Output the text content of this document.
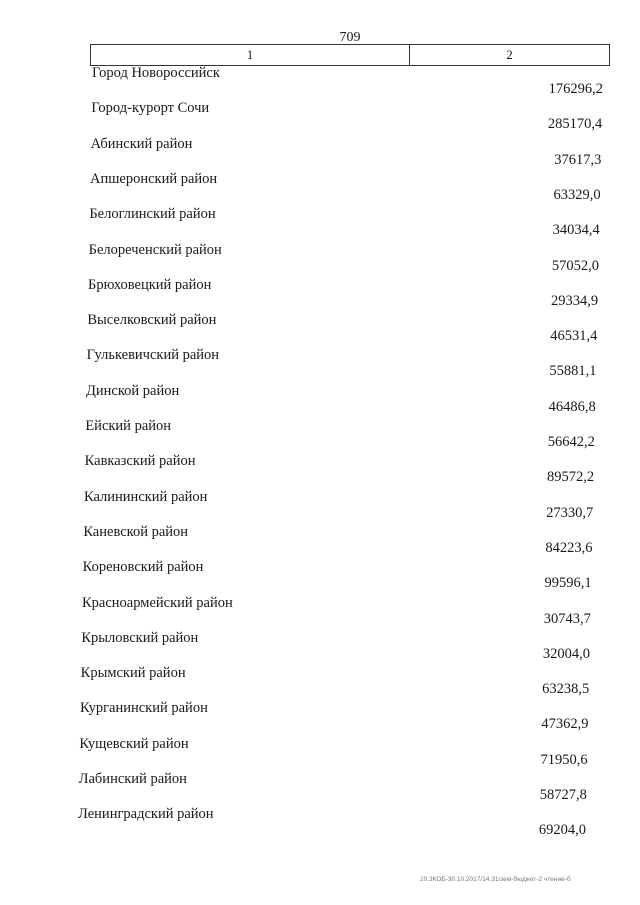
709
1	2
Город Новороссийск
176296,2
Город-курорт Сочи
285170,4
Абинский район
37617,3
Апшеронский район
63329,0
Белоглинский район
34034,4
Белореченский район
57052,0
Брюховецкий район
29334,9
Выселковский район
46531,4
Гулькевичский район
55881,1
Динской район
46486,8
Ейский район
56642,2
Кавказский район
89572,2
Калининский район
27330,7
Каневской район
84223,6
Кореновский район
99596,1
Красноармейский район
30743,7
Крыловский район
32004,0
Крымский район
63238,5
Курганинский район
47362,9
Кущевский район
71950,6
Лабинский район
58727,8
Ленинградский район
69204,0
20.3КОБ-30.10.2017/14.31/зем-бюджет-2 чтение-б
